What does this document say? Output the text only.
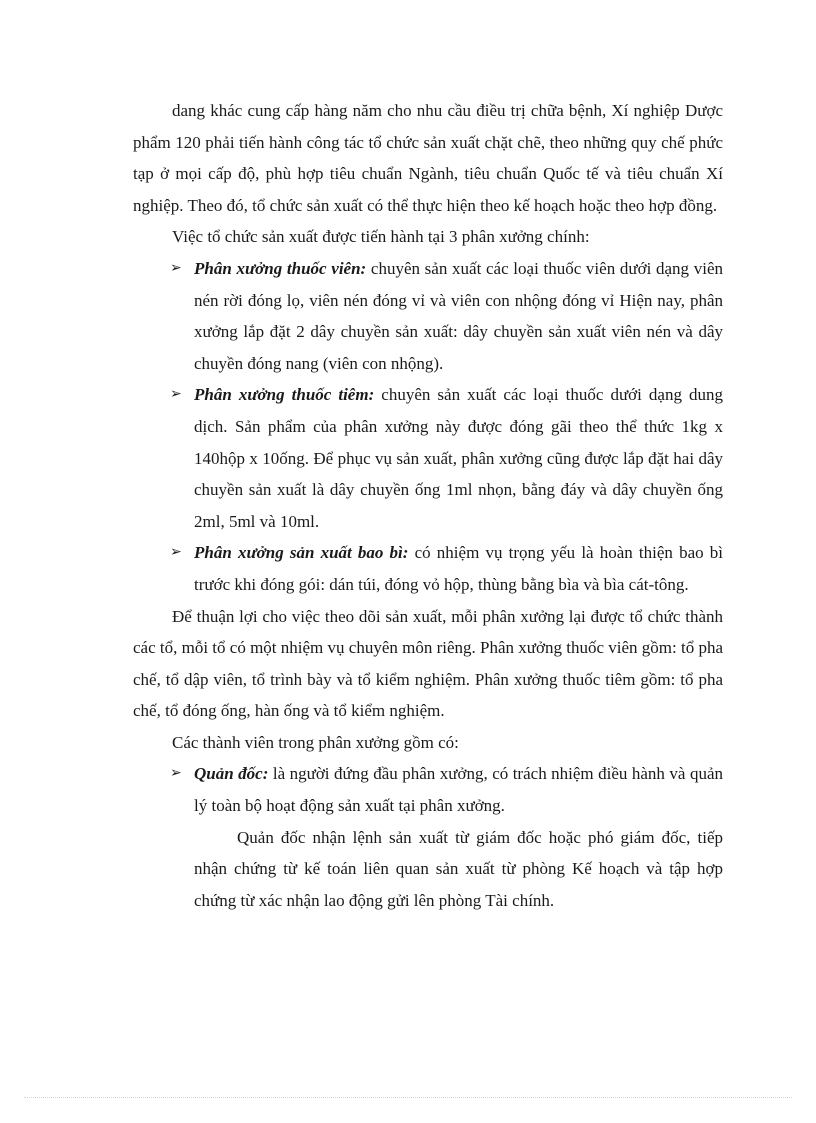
dang khác cung cấp hàng năm cho nhu cầu điều trị chữa bệnh, Xí nghiệp Dược phẩm 120 phải tiến hành công tác tổ chức sản xuất chặt chẽ, theo những quy chế phức tạp ở mọi cấp độ, phù hợp tiêu chuẩn Ngành, tiêu chuẩn Quốc tế và tiêu chuẩn Xí nghiệp. Theo đó, tổ chức sản xuất có thể thực hiện theo kế hoạch hoặc theo hợp đồng.

Việc tổ chức sản xuất được tiến hành tại 3 phân xưởng chính:

➢ Phân xưởng thuốc viên: chuyên sản xuất các loại thuốc viên dưới dạng viên nén rời đóng lọ, viên nén đóng vỉ và viên con nhộng đóng vỉ Hiện nay, phân xưởng lắp đặt 2 dây chuyền sản xuất: dây chuyền sản xuất viên nén và dây chuyền đóng nang (viên con nhộng).
➢ Phân xưởng thuốc tiêm: chuyên sản xuất các loại thuốc dưới dạng dung dịch. Sản phẩm của phân xưởng này được đóng gãi theo thể thức 1kg x 140hộp x 10ống. Để phục vụ sản xuất, phân xưởng cũng được lắp đặt hai dây chuyền sản xuất là dây chuyền ống 1ml nhọn, bằng đáy và dây chuyền ống 2ml, 5ml và 10ml.
➢ Phân xưởng sản xuất bao bì: có nhiệm vụ trọng yếu là hoàn thiện bao bì trước khi đóng gói: dán túi, đóng vỏ hộp, thùng bằng bìa và bìa cát-tông.

Để thuận lợi cho việc theo dõi sản xuất, mỗi phân xưởng lại được tổ chức thành các tổ, mỗi tổ có một nhiệm vụ chuyên môn riêng. Phân xưởng thuốc viên gồm: tổ pha chế, tổ dập viên, tổ trình bày và tổ kiểm nghiệm. Phân xưởng thuốc tiêm gồm: tổ pha chế, tổ đóng ống, hàn ống và tổ kiểm nghiệm.

Các thành viên trong phân xưởng gồm có:

➢ Quản đốc: là người đứng đầu phân xưởng, có trách nhiệm điều hành và quản lý toàn bộ hoạt động sản xuất tại phân xưởng.

Quản đốc nhận lệnh sản xuất từ giám đốc hoặc phó giám đốc, tiếp nhận chứng từ kế toán liên quan sản xuất từ phòng Kế hoạch và tập hợp chứng từ xác nhận lao động gửi lên phòng Tài chính.
